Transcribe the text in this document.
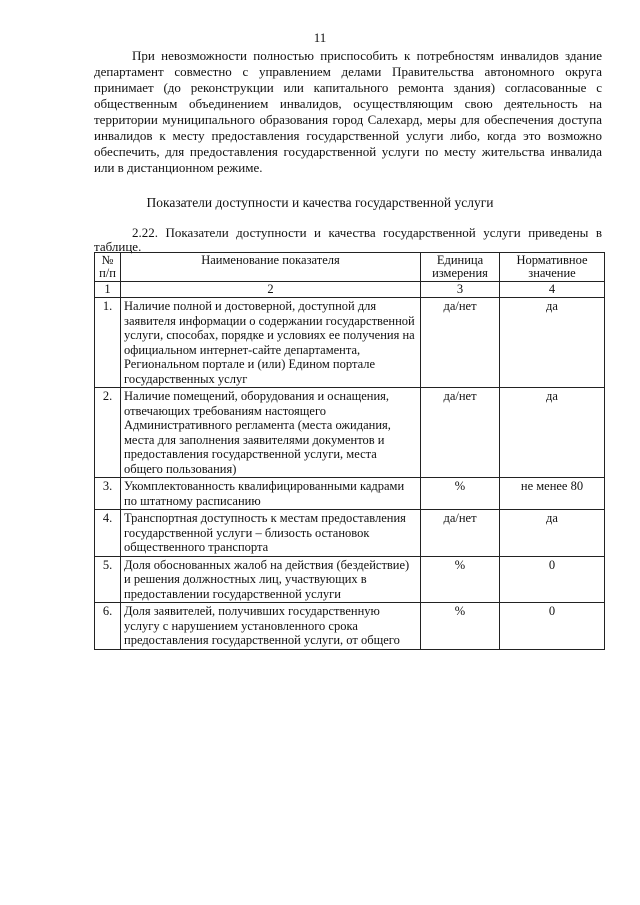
11

При невозможности полностью приспособить к потребностям инвалидов здание департамент совместно с управлением делами Правительства автономного округа принимает (до реконструкции или капитального ремонта здания) согласованные с общественным объединением инвалидов, осуществляющим свою деятельность на территории муниципального образования город Салехард, меры для обеспечения доступа инвалидов к месту предоставления государственной услуги либо, когда это возможно обеспечить, для предоставления государственной услуги по месту жительства инвалида или в дистанционном режиме.

Показатели доступности и качества государственной услуги

2.22. Показатели доступности и качества государственной услуги приведены в таблице.

№ п/п	Наименование показателя	Единица измерения	Нормативное значение
1	2	3	4
1.	Наличие полной и достоверной, доступной для заявителя информации о содержании государственной услуги, способах, порядке и условиях ее получения на официальном интернет-сайте департамента, Региональном портале и (или) Едином портале государственных услуг	да/нет	да
2.	Наличие помещений, оборудования и оснащения, отвечающих требованиям настоящего Административного регламента (места ожидания, места для заполнения заявителями документов и предоставления государственной услуги, места общего пользования)	да/нет	да
3.	Укомплектованность квалифицированными кадрами по штатному расписанию	%	не менее 80
4.	Транспортная доступность к местам предоставления государственной услуги – близость остановок общественного транспорта	да/нет	да
5.	Доля обоснованных жалоб на действия (бездействие) и решения должностных лиц, участвующих в предоставлении государственной услуги	%	0
6.	Доля заявителей, получивших государственную услугу с нарушением установленного срока предоставления государственной услуги, от общего	%	0
